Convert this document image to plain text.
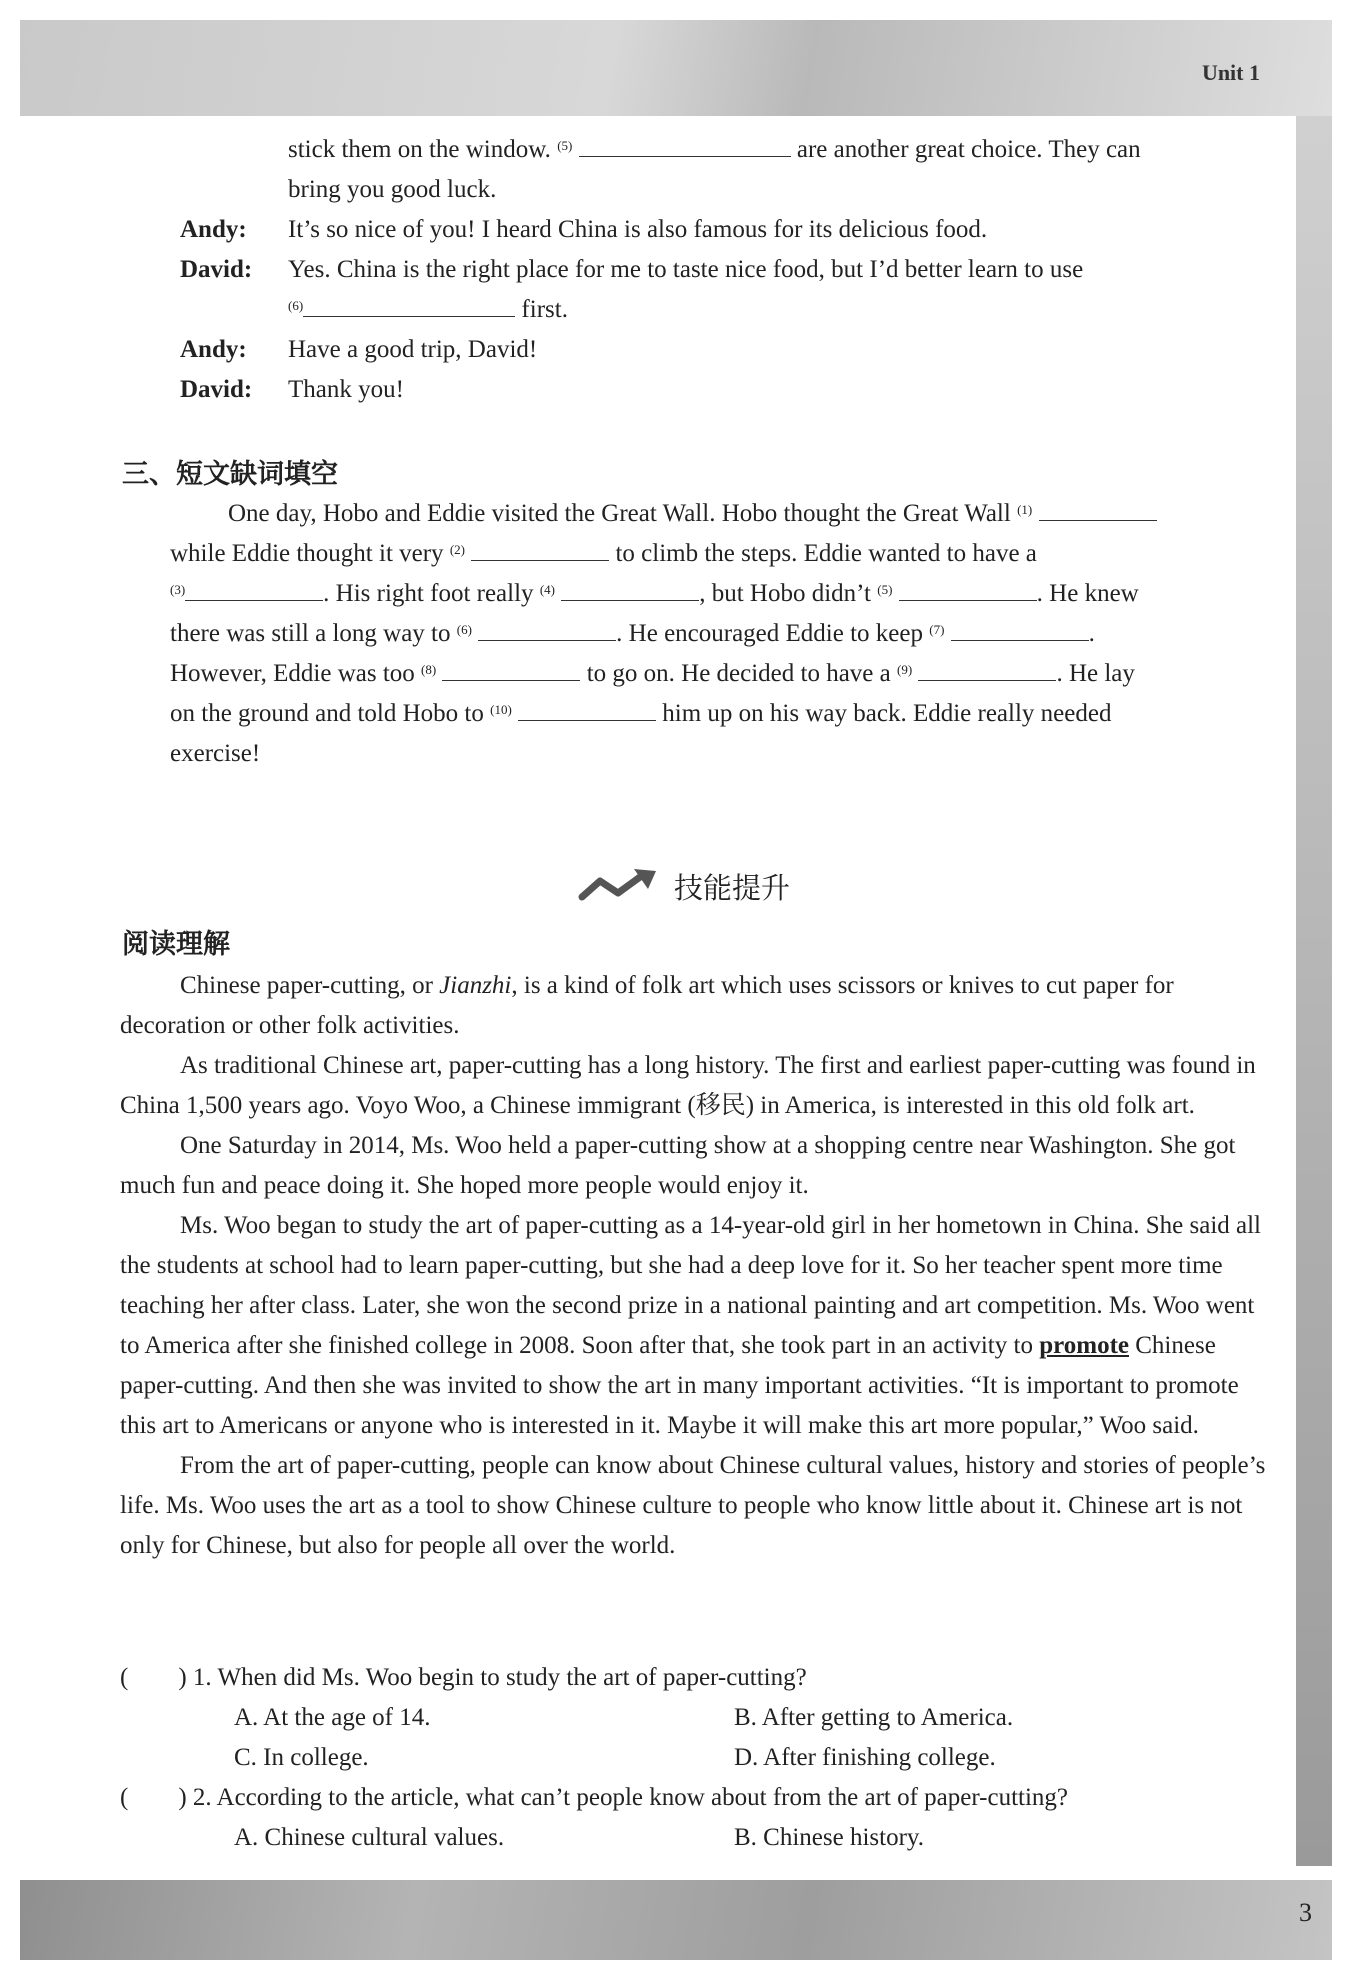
Unit 1
3
stick them on the window. $^{(5)}$	are another great choice. They can
bring you good luck.
Andy: It’s so nice of you! I heard China is also famous for its delicious food.
David: Yes. China is the right place for me to taste nice food, but I’d better learn to use
$^{(6)}$	first.
Andy: Have a good trip, David!
David: Thank you!
三、短文缺词填空
One day, Hobo and Eddie visited the Great Wall. Hobo thought the Great Wall $^{(1)}$
while Eddie thought it very $^{(2)}$	to climb the steps. Eddie wanted to have a
$^{(3)}$	. His right foot really $^{(4)}$	, but Hobo didn’t $^{(5)}$	. He knew
there was still a long way to $^{(6)}$	. He encouraged Eddie to keep $^{(7)}$	.
However, Eddie was too $^{(8)}$	to go on. He decided to have a $^{(9)}$	. He lay
on the ground and told Hobo to $^{(10)}$	him up on his way back. Eddie really needed
exercise!
技能提升
阅读理解

Chinese paper-cutting, or Jianzhi, is a kind of folk art which uses scissors or knives to cut paper for decoration or other folk activities.

As traditional Chinese art, paper-cutting has a long history. The first and earliest paper-cutting was found in China 1,500 years ago. Voyo Woo, a Chinese immigrant (移民) in America, is interested in this old folk art.

One Saturday in 2014, Ms. Woo held a paper-cutting show at a shopping centre near Washington. She got much fun and peace doing it. She hoped more people would enjoy it.

Ms. Woo began to study the art of paper-cutting as a 14-year-old girl in her hometown in China. She said all the students at school had to learn paper-cutting, but she had a deep love for it. So her teacher spent more time teaching her after class. Later, she won the second prize in a national painting and art competition. Ms. Woo went to America after she finished college in 2008. Soon after that, she took part in an activity to promote Chinese paper-cutting. And then she was invited to show the art in many important activities. “It is important to promote this art to Americans or anyone who is interested in it. Maybe it will make this art more popular,” Woo said.

From the art of paper-cutting, people can know about Chinese cultural values, history and stories of people’s life. Ms. Woo uses the art as a tool to show Chinese culture to people who know little about it. Chinese art is not only for Chinese, but also for people all over the world.

( ) 1. When did Ms. Woo begin to study the art of paper-cutting?
A. At the age of 14.	B. After getting to America.
C. In college.	D. After finishing college.
( ) 2. According to the article, what can’t people know about from the art of paper-cutting?
A. Chinese cultural values.	B. Chinese history.
